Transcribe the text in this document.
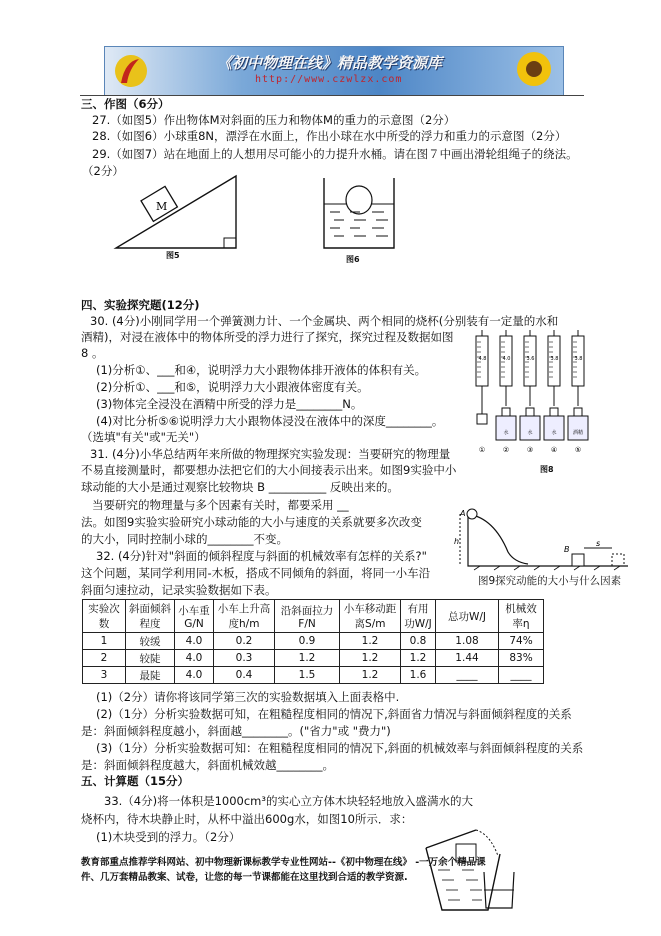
《初中物理在线》精品教学资源库
http://www.czwlzx.com
三、作图（6分）
27.（如图5）作出物体M对斜面的压力和物体M的重力的示意图（2分）
28.（如图6）小球重8N，漂浮在水面上，作出小球在水中所受的浮力和重力的示意图（2分）
29.（如图7）站在地面上的人想用尽可能小的力提升水桶。请在图７中画出滑轮组绳子的绕法。
（2分）
M
图5	图6
四、实验探究题(12分)
30. (4分)小刚同学用一个弹簧测力计、一个金属块、两个相同的烧杯(分别装有一定量的水和
酒精)，对浸在液体中的物体所受的浮力进行了探究，探究过程及数据如图
8 。
(1)分析①、___和④，说明浮力大小跟物体排开液体的体积有关。
(2)分析①、___和⑤，说明浮力大小跟液体密度有关。
(3)物体完全浸没在酒精中所受的浮力是________N。
(4)对比分析⑤⑥说明浮力大小跟物体浸没在液体中的深度________。
（选填"有关"或"无关"）
4.8
①
4.0
水
②
3.6
水
③
3.8
水
④
3.8
酒精
⑤
图8
31. (4分)小华总结两年来所做的物理探究实验发现：当要研究的物理量
不易直接测量时，都要想办法把它们的大小间接表示出来。如图9实验中小
球动能的大小是通过观察比较物块 B __________ 反映出来的。
当要研究的物理量与多个因素有关时，都要采用 __
法。如图9实验实验研究小球动能的大小与速度的关系就要多次改变
的大小，同时控制小球的________不变。
A
h
B
s
图9探究动能的大小与什么因素
32. (4分)针对"斜面的倾斜程度与斜面的机械效率有怎样的关系?"
这个问题，某同学利用同-木板，搭成不同倾角的斜面，将同一小车沿
斜面匀速拉动，记录实验数据如下表。
实验次数	斜面倾斜程度	小车重G/N	小车上升高度h/m	沿斜面拉力F/N	小车移动距离S/m	有用功W/J	总功W/J	机械效率η
1	较缓	4.0	0.2	0.9	1.2	0.8	1.08	74%
2	较陡	4.0	0.3	1.2	1.2	1.2	1.44	83%
3	最陡	4.0	0.4	1.5	1.2	1.6	____	____
(1)（2分）请你将该同学第三次的实验数据填入上面表格中.
(2)（1分）分析实验数据可知，在粗糙程度相同的情况下,斜面省力情况与斜面倾斜程度的关系
是：斜面倾斜程度越小，斜面越________。("省力"或 "费力")
(3)（1分）分析实验数据可知：在粗糙程度相同的情况下,斜面的机械效率与斜面倾斜程度的关系
是：斜面倾斜程度越大，斜面机械效越________。
五、计算题（15分）
33.（4分)将一体积是1000cm³的实心立方体木块轻轻地放入盛满水的大
烧杯内，待木块静止时，从杯中溢出600g水，如图10所示．求：
(1)木块受到的浮力。（2分）
教育部重点推荐学科网站、初中物理新课标教学专业性网站--《初中物理在线》 -一万余个精品课
件、几万套精品教案、试卷，让您的每一节课都能在这里找到合适的教学资源.
